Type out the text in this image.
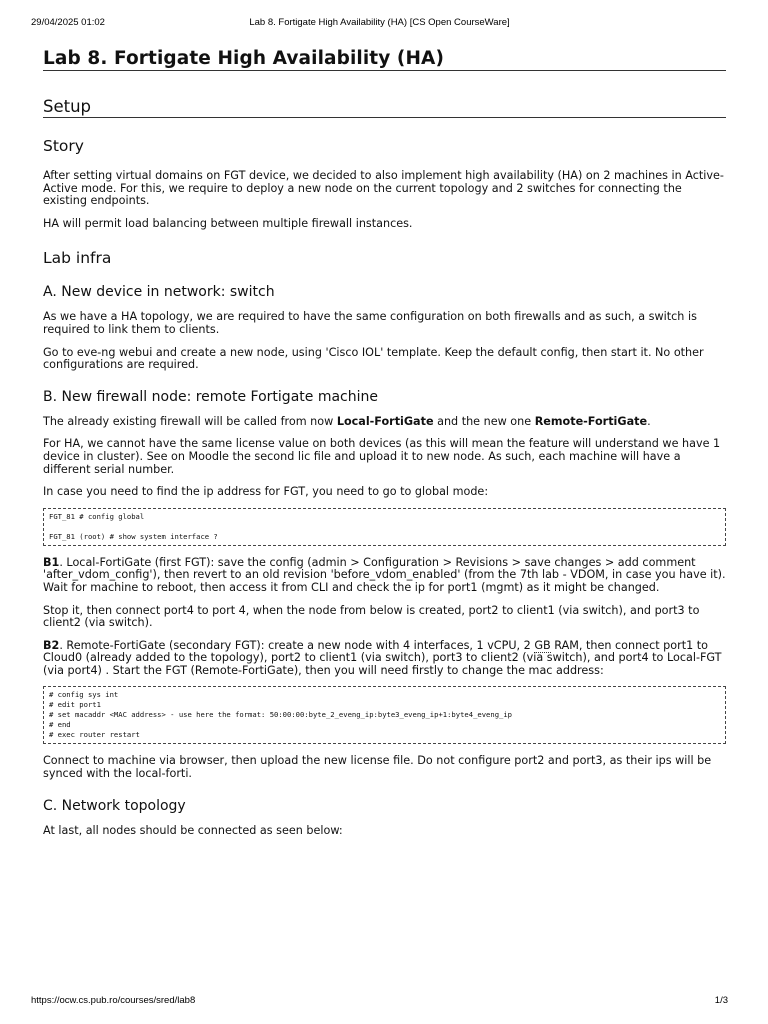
29/04/2025 01:02	Lab 8. Fortigate High Availability (HA) [CS Open CourseWare]
Lab 8. Fortigate High Availability (HA)
Setup
Story

After setting virtual domains on FGT device, we decided to also implement high availability (HA) on 2 machines in Active-Active mode. For this, we require to deploy a new node on the current topology and 2 switches for connecting the existing endpoints.

HA will permit load balancing between multiple firewall instances.

Lab infra
A. New device in network: switch

As we have a HA topology, we are required to have the same configuration on both firewalls and as such, a switch is required to link them to clients.

Go to eve-ng webui and create a new node, using 'Cisco IOL' template. Keep the default config, then start it. No other configurations are required.

B. New firewall node: remote Fortigate machine

The already existing firewall will be called from now Local-FortiGate and the new one Remote-FortiGate.

For HA, we cannot have the same license value on both devices (as this will mean the feature will understand we have 1 device in cluster). See on Moodle the second lic file and upload it to new node. As such, each machine will have a different serial number.

In case you need to find the ip address for FGT, you need to go to global mode:

FGT_81 # config global
FGT_81 (root) # show system interface ?

B1. Local-FortiGate (first FGT): save the config (admin > Configuration > Revisions > save changes > add comment 'after_vdom_config'), then revert to an old revision 'before_vdom_enabled' (from the 7th lab - VDOM, in case you have it). Wait for machine to reboot, then access it from CLI and check the ip for port1 (mgmt) as it might be changed.

Stop it, then connect port4 to port 4, when the node from below is created, port2 to client1 (via switch), and port3 to client2 (via switch).

B2. Remote-FortiGate (secondary FGT): create a new node with 4 interfaces, 1 vCPU, 2 GB RAM, then connect port1 to Cloud0 (already added to the topology), port2 to client1 (via switch), port3 to client2 (via switch), and port4 to Local-FGT (via port4) . Start the FGT (Remote-FortiGate), then you will need firstly to change the mac address:

# config sys int
# edit port1
# set macaddr <MAC address> - use here the format: 50:00:00:byte_2_eveng_ip:byte3_eveng_ip+1:byte4_eveng_ip
# end
# exec router restart

Connect to machine via browser, then upload the new license file. Do not configure port2 and port3, as their ips will be synced with the local-forti.

C. Network topology

At last, all nodes should be connected as seen below:

https://ocw.cs.pub.ro/courses/sred/lab8	1/3
